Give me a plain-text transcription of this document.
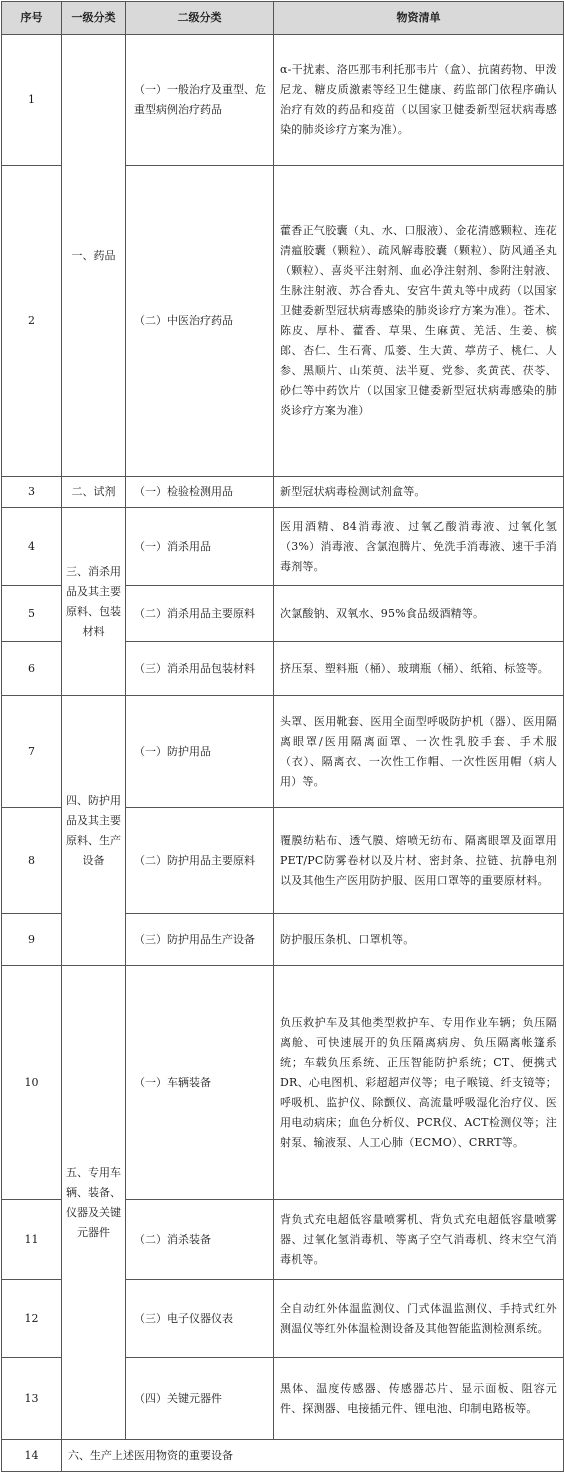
序号	一级分类	二级分类	物资清单
1	一、药品	（一）一般治疗及重型、危重型病例治疗药品	α-干扰素、洛匹那韦利托那韦片（盒）、抗菌药物、甲泼尼龙、糖皮质激素等经卫生健康、药监部门依程序确认治疗有效的药品和疫苗（以国家卫健委新型冠状病毒感染的肺炎诊疗方案为准）。
2		（二）中医治疗药品	藿香正气胶囊（丸、水、口服液）、金花清感颗粒、连花清瘟胶囊（颗粒）、疏风解毒胶囊（颗粒）、防风通圣丸（颗粒）、喜炎平注射剂、血必净注射剂、参附注射液、生脉注射液、苏合香丸、安宫牛黄丸等中成药（以国家卫健委新型冠状病毒感染的肺炎诊疗方案为准）。苍术、陈皮、厚朴、藿香、草果、生麻黄、羌活、生姜、槟郎、杏仁、生石膏、瓜蒌、生大黄、葶苈子、桃仁、人参、黑顺片、山茱萸、法半夏、党参、炙黄芪、茯苓、砂仁等中药饮片（以国家卫健委新型冠状病毒感染的肺炎诊疗方案为准）
3	二、试剂	（一）检验检测用品	新型冠状病毒检测试剂盒等。
4	三、消杀用品及其主要原料、包装材料	（一）消杀用品	医用酒精、84消毒液、过氧乙酸消毒液、过氧化氢（3%）消毒液、含氯泡腾片、免洗手消毒液、速干手消毒剂等。
5		（二）消杀用品主要原料	次氯酸钠、双氧水、95%食品级酒精等。
6		（三）消杀用品包装材料	挤压泵、塑料瓶（桶）、玻璃瓶（桶）、纸箱、标签等。
7	四、防护用品及其主要原料、生产设备	（一）防护用品	头罩、医用靴套、医用全面型呼吸防护机（器）、医用隔离眼罩/医用隔离面罩、一次性乳胶手套、手术服（衣）、隔离衣、一次性工作帽、一次性医用帽（病人用）等。
8		（二）防护用品主要原料	覆膜纺粘布、透气膜、熔喷无纺布、隔离眼罩及面罩用PET/PC防雾卷材以及片材、密封条、拉链、抗静电剂以及其他生产医用防护服、医用口罩等的重要原材料。
9		（三）防护用品生产设备	防护服压条机、口罩机等。
10	五、专用车辆、装备、仪器及关键元器件	（一）车辆装备	负压救护车及其他类型救护车、专用作业车辆；负压隔离舱、可快速展开的负压隔离病房、负压隔离帐篷系统；车载负压系统、正压智能防护系统；CT、便携式DR、心电图机、彩超超声仪等；电子喉镜、纤支镜等；呼吸机、监护仪、除颤仪、高流量呼吸湿化治疗仪、医用电动病床；血色分析仪、PCR仪、ACT检测仪等；注射泵、输液泵、人工心肺（ECMO）、CRRT等。
11		（二）消杀装备	背负式充电超低容量喷雾机、背负式充电超低容量喷雾器、过氧化氢消毒机、等离子空气消毒机、终末空气消毒机等。
12		（三）电子仪器仪表	全自动红外体温监测仪、门式体温监测仪、手持式红外测温仪等红外体温检测设备及其他智能监测检测系统。
13		（四）关键元器件	黑体、温度传感器、传感器芯片、显示面板、阻容元件、探测器、电接插元件、锂电池、印制电路板等。
14	六、生产上述医用物资的重要设备		
